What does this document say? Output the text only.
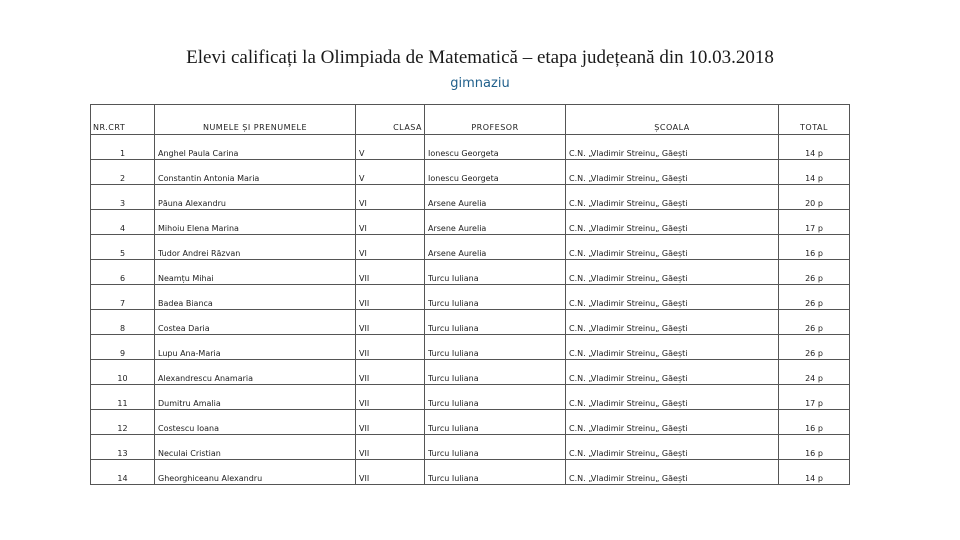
Elevi calificați la Olimpiada de Matematică – etapa județeană din 10.03.2018
gimnaziu
NR.CRT	NUMELE ȘI PRENUMELE	CLASA	PROFESOR	ȘCOALA	TOTAL
1	Anghel Paula Carina	V	Ionescu Georgeta	C.N. „Vladimir Streinu„ Găești	14 p
2	Constantin Antonia Maria	V	Ionescu Georgeta	C.N. „Vladimir Streinu„ Găești	14 p
3	Păuna Alexandru	VI	Arsene Aurelia	C.N. „Vladimir Streinu„ Găești	20 p
4	Mihoiu Elena Marina	VI	Arsene Aurelia	C.N. „Vladimir Streinu„ Găești	17 p
5	Tudor Andrei Răzvan	VI	Arsene Aurelia	C.N. „Vladimir Streinu„ Găești	16 p
6	Neamțu Mihai	VII	Turcu Iuliana	C.N. „Vladimir Streinu„ Găești	26 p
7	Badea Bianca	VII	Turcu Iuliana	C.N. „Vladimir Streinu„ Găești	26 p
8	Costea Daria	VII	Turcu Iuliana	C.N. „Vladimir Streinu„ Găești	26 p
9	Lupu Ana-Maria	VII	Turcu Iuliana	C.N. „Vladimir Streinu„ Găești	26 p
10	Alexandrescu Anamaria	VII	Turcu Iuliana	C.N. „Vladimir Streinu„ Găești	24 p
11	Dumitru Amalia	VII	Turcu Iuliana	C.N. „Vladimir Streinu„ Găești	17 p
12	Costescu Ioana	VII	Turcu Iuliana	C.N. „Vladimir Streinu„ Găești	16 p
13	Neculai Cristian	VII	Turcu Iuliana	C.N. „Vladimir Streinu„ Găești	16 p
14	Gheorghiceanu Alexandru	VII	Turcu Iuliana	C.N. „Vladimir Streinu„ Găești	14 p
